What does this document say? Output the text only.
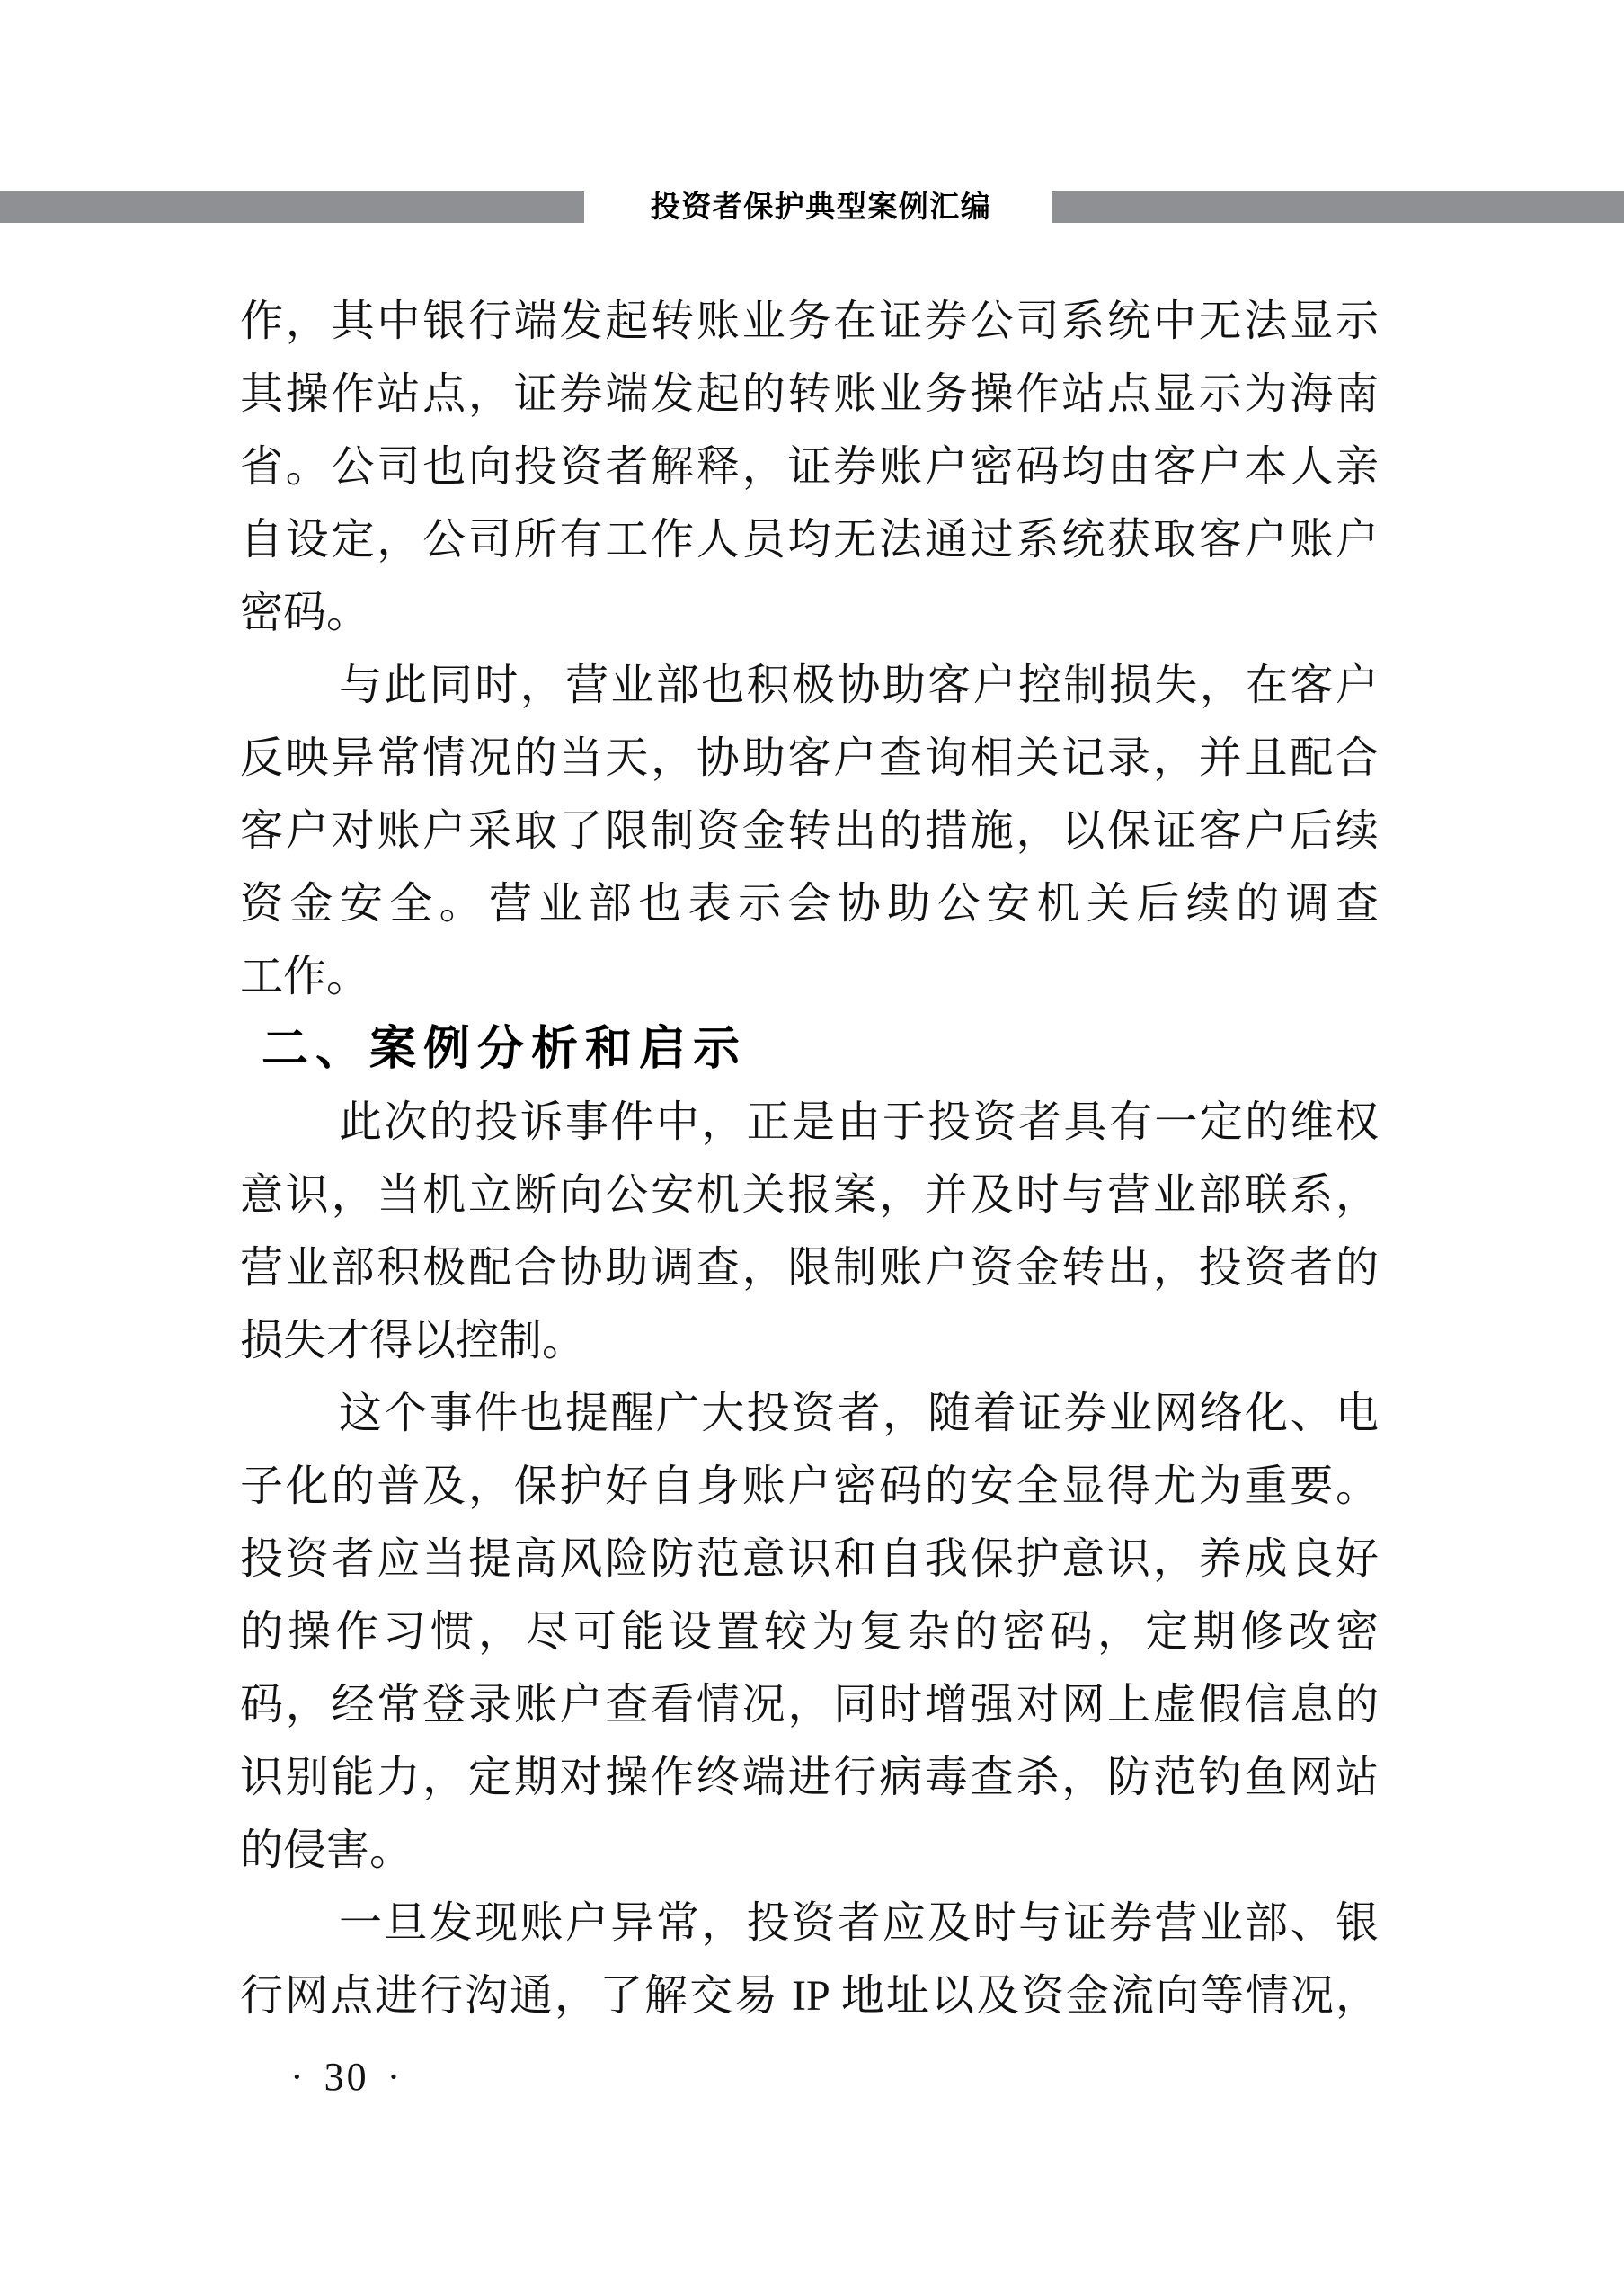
投资者保护典型案例汇编
作，其中银行端发起转账业务在证券公司系统中无法显示
其操作站点，证券端发起的转账业务操作站点显示为海南
省。公司也向投资者解释，证券账户密码均由客户本人亲
自设定，公司所有工作人员均无法通过系统获取客户账户
密码。
与此同时，营业部也积极协助客户控制损失，在客户
反映异常情况的当天，协助客户查询相关记录，并且配合
客户对账户采取了限制资金转出的措施，以保证客户后续
资金安全。营业部也表示会协助公安机关后续的调查
工作。
二、案例分析和启示
此次的投诉事件中，正是由于投资者具有一定的维权
意识，当机立断向公安机关报案，并及时与营业部联系，
营业部积极配合协助调查，限制账户资金转出，投资者的
损失才得以控制。
这个事件也提醒广大投资者，随着证券业网络化、电
子化的普及，保护好自身账户密码的安全显得尤为重要。
投资者应当提高风险防范意识和自我保护意识，养成良好
的操作习惯，尽可能设置较为复杂的密码，定期修改密
码，经常登录账户查看情况，同时增强对网上虚假信息的
识别能力，定期对操作终端进行病毒查杀，防范钓鱼网站
的侵害。
一旦发现账户异常，投资者应及时与证券营业部、银
行网点进行沟通，了解交易 IP 地址以及资金流向等情况，
· 30 ·
